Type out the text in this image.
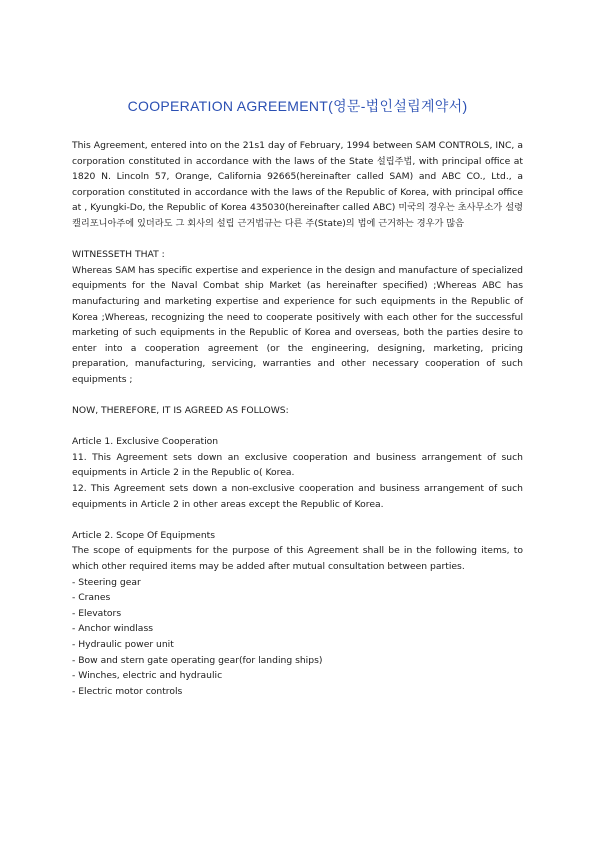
COOPERATION AGREEMENT(영문-법인설립계약서)

This Agreement, entered into on the 21s1 day of February, 1994 between SAM CONTROLS, INC, a corporation constituted in accordance with the laws of the State 설립주법, with principal office at 1820 N. Lincoln 57, Orange, California 92665(hereinafter called SAM) and ABC CO., Ltd., a corporation constituted in accordance with the laws of the Republic of Korea, with principal office at , Kyungki-Do, the Republic of Korea 435030(hereinafter called ABC) 미국의 경우는 초사무소가 설령 캘리포니아주에 있더라도 그 회사의 설립 근거법규는 다른 주(State)의 법에 근거하는 경우가 많음

WITNESSETH THAT :

Whereas SAM has specific expertise and experience in the design and manufacture of specialized equipments for the Naval Combat ship Market (as hereinafter specified) ;Whereas ABC has manufacturing and marketing expertise and experience for such equipments in the Republic of Korea ;Whereas, recognizing the need to cooperate positively with each other for the successful marketing of such equipments in the Republic of Korea and overseas, both the parties desire to enter into a cooperation agreement (or the engineering, designing, marketing, pricing preparation, manufacturing, servicing, warranties and other necessary cooperation of such equipments ;

NOW, THEREFORE, IT IS AGREED AS FOLLOWS:

Article 1. Exclusive Cooperation

11. This Agreement sets down an exclusive cooperation and business arrangement of such equipments in Article 2 in the Republic o( Korea.

12. This Agreement sets down a non-exclusive cooperation and business arrangement of such equipments in Article 2 in other areas except the Republic of Korea.

Article 2. Scope Of Equipments

The scope of equipments for the purpose of this Agreement shall be in the following items, to which other required items may be added after mutual consultation between parties.

- Steering gear

- Cranes

- Elevators

- Anchor windlass

- Hydraulic power unit

- Bow and stern gate operating gear(for landing ships)

- Winches, electric and hydraulic

- Electric motor controls
